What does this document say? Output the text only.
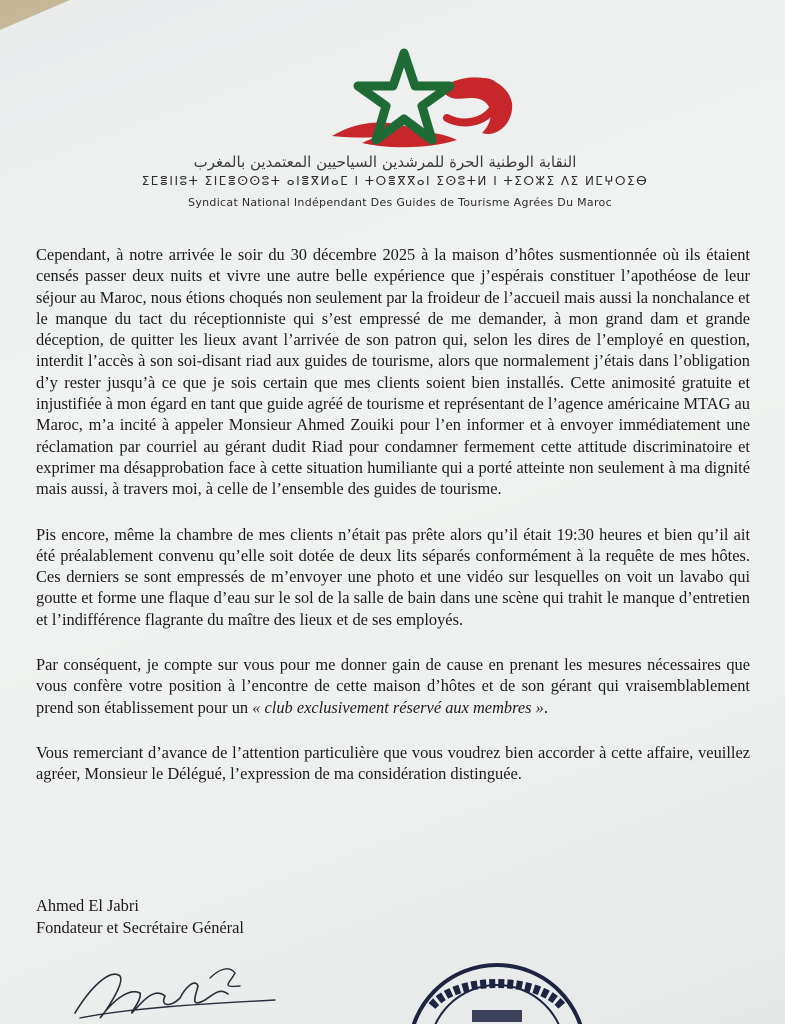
النقابة الوطنية الحرة للمرشدين السياحيين المعتمدين بالمغرب
ⵉⵎⴻⵏⵏⵓⵜ ⵉⵏⵎⴻⵙⵙⵓⵜ ⴰⵏⴻⴳⵍⴰⵎ ⵏ ⵜⵔⴻⴳⴳⴰⵏ ⵉⵙⵓⵜⵍ ⵏ ⵜⵉⵔⵣⵉ ⴷⵉ ⵍⵎⵖⵔⵉⴱ
Syndicat National Indépendant Des Guides de Tourisme Agrées Du Maroc

Cependant, à notre arrivée le soir du 30 décembre 2025 à la maison d’hôtes susmentionnée où ils étaient censés passer deux nuits et vivre une autre belle expérience que j’espérais constituer l’apothéose de leur séjour au Maroc, nous étions choqués non seulement par la froideur de l’accueil mais aussi la nonchalance et le manque du tact du réceptionniste qui s’est empressé de me demander, à mon grand dam et grande déception, de quitter les lieux avant l’arrivée de son patron qui, selon les dires de l’employé en question, interdit l’accès à son soi-disant riad aux guides de tourisme, alors que normalement j’étais dans l’obligation d’y rester jusqu’à ce que je sois certain que mes clients soient bien installés. Cette animosité gratuite et injustifiée à mon égard en tant que guide agréé de tourisme et représentant de l’agence américaine MTAG au Maroc, m’a incité à appeler Monsieur Ahmed Zouiki pour l’en informer et à envoyer immédiatement une réclamation par courriel au gérant dudit Riad pour condamner fermement cette attitude discriminatoire et exprimer ma désapprobation face à cette situation humiliante qui a porté atteinte non seulement à ma dignité mais aussi, à travers moi, à celle de l’ensemble des guides de tourisme.

Pis encore, même la chambre de mes clients n’était pas prête alors qu’il était 19:30 heures et bien qu’il ait été préalablement convenu qu’elle soit dotée de deux lits séparés conformément à la requête de mes hôtes. Ces derniers se sont empressés de m’envoyer une photo et une vidéo sur lesquelles on voit un lavabo qui goutte et forme une flaque d’eau sur le sol de la salle de bain dans une scène qui trahit le manque d’entretien et l’indifférence flagrante du maître des lieux et de ses employés.

Par conséquent, je compte sur vous pour me donner gain de cause en prenant les mesures nécessaires que vous confère votre position à l’encontre de cette maison d’hôtes et de son gérant qui vraisemblablement prend son établissement pour un « club exclusivement réservé aux membres ».

Vous remerciant d’avance de l’attention particulière que vous voudrez bien accorder à cette affaire, veuillez agréer, Monsieur le Délégué, l’expression de ma considération distinguée.

Ahmed El Jabri
Fondateur et Secrétaire Général
